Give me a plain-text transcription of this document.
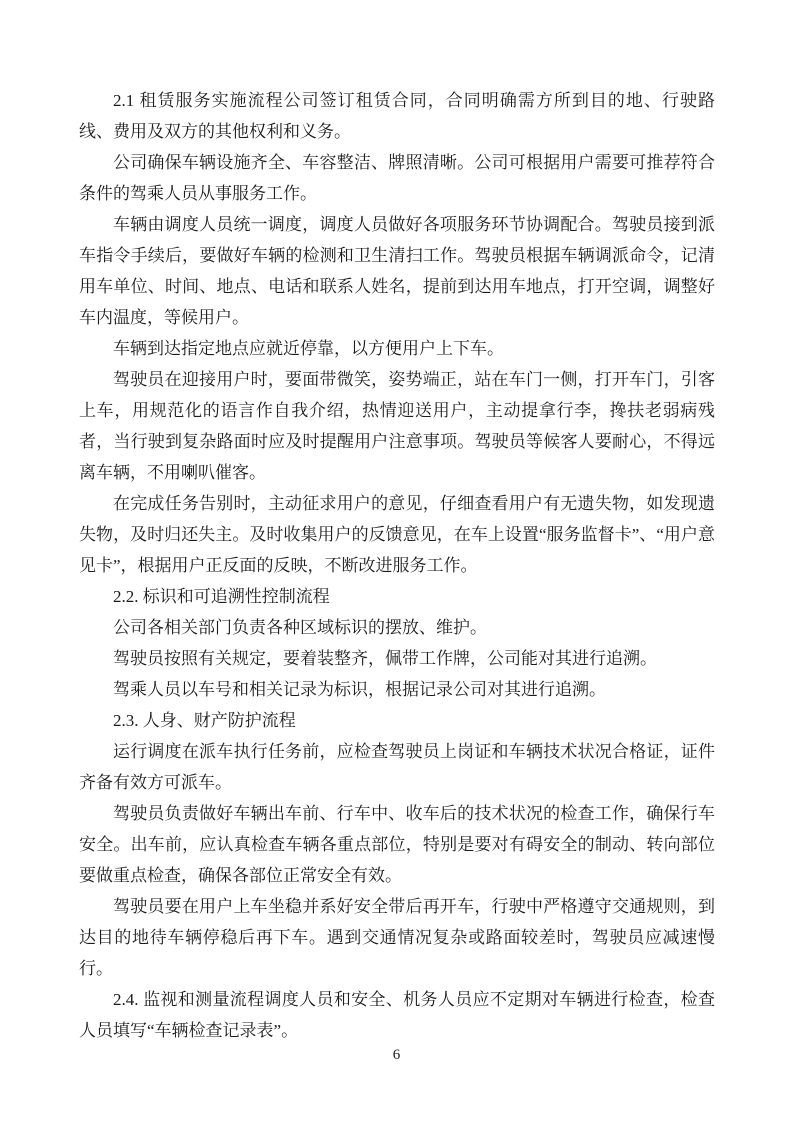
2.1 租赁服务实施流程公司签订租赁合同，合同明确需方所到目的地、行驶路线、费用及双方的其他权利和义务。

公司确保车辆设施齐全、车容整洁、牌照清晰。公司可根据用户需要可推荐符合条件的驾乘人员从事服务工作。

车辆由调度人员统一调度，调度人员做好各项服务环节协调配合。驾驶员接到派车指令手续后，要做好车辆的检测和卫生清扫工作。驾驶员根据车辆调派命令，记清用车单位、时间、地点、电话和联系人姓名，提前到达用车地点，打开空调，调整好车内温度，等候用户。

车辆到达指定地点应就近停靠，以方便用户上下车。

驾驶员在迎接用户时，要面带微笑，姿势端正，站在车门一侧，打开车门，引客上车，用规范化的语言作自我介绍，热情迎送用户，主动提拿行李，搀扶老弱病残者，当行驶到复杂路面时应及时提醒用户注意事项。驾驶员等候客人要耐心，不得远离车辆，不用喇叭催客。

在完成任务告别时，主动征求用户的意见，仔细查看用户有无遗失物，如发现遗失物，及时归还失主。及时收集用户的反馈意见，在车上设置“服务监督卡”、“用户意见卡”，根据用户正反面的反映，不断改进服务工作。

2.2. 标识和可追溯性控制流程

公司各相关部门负责各种区域标识的摆放、维护。

驾驶员按照有关规定，要着装整齐，佩带工作牌，公司能对其进行追溯。

驾乘人员以车号和相关记录为标识，根据记录公司对其进行追溯。

2.3. 人身、财产防护流程

运行调度在派车执行任务前，应检查驾驶员上岗证和车辆技术状况合格证，证件齐备有效方可派车。

驾驶员负责做好车辆出车前、行车中、收车后的技术状况的检查工作，确保行车安全。出车前，应认真检查车辆各重点部位，特别是要对有碍安全的制动、转向部位要做重点检查，确保各部位正常安全有效。

驾驶员要在用户上车坐稳并系好安全带后再开车，行驶中严格遵守交通规则，到达目的地待车辆停稳后再下车。遇到交通情况复杂或路面较差时，驾驶员应减速慢行。

2.4. 监视和测量流程调度人员和安全、机务人员应不定期对车辆进行检查，检查人员填写“车辆检查记录表”。

6
